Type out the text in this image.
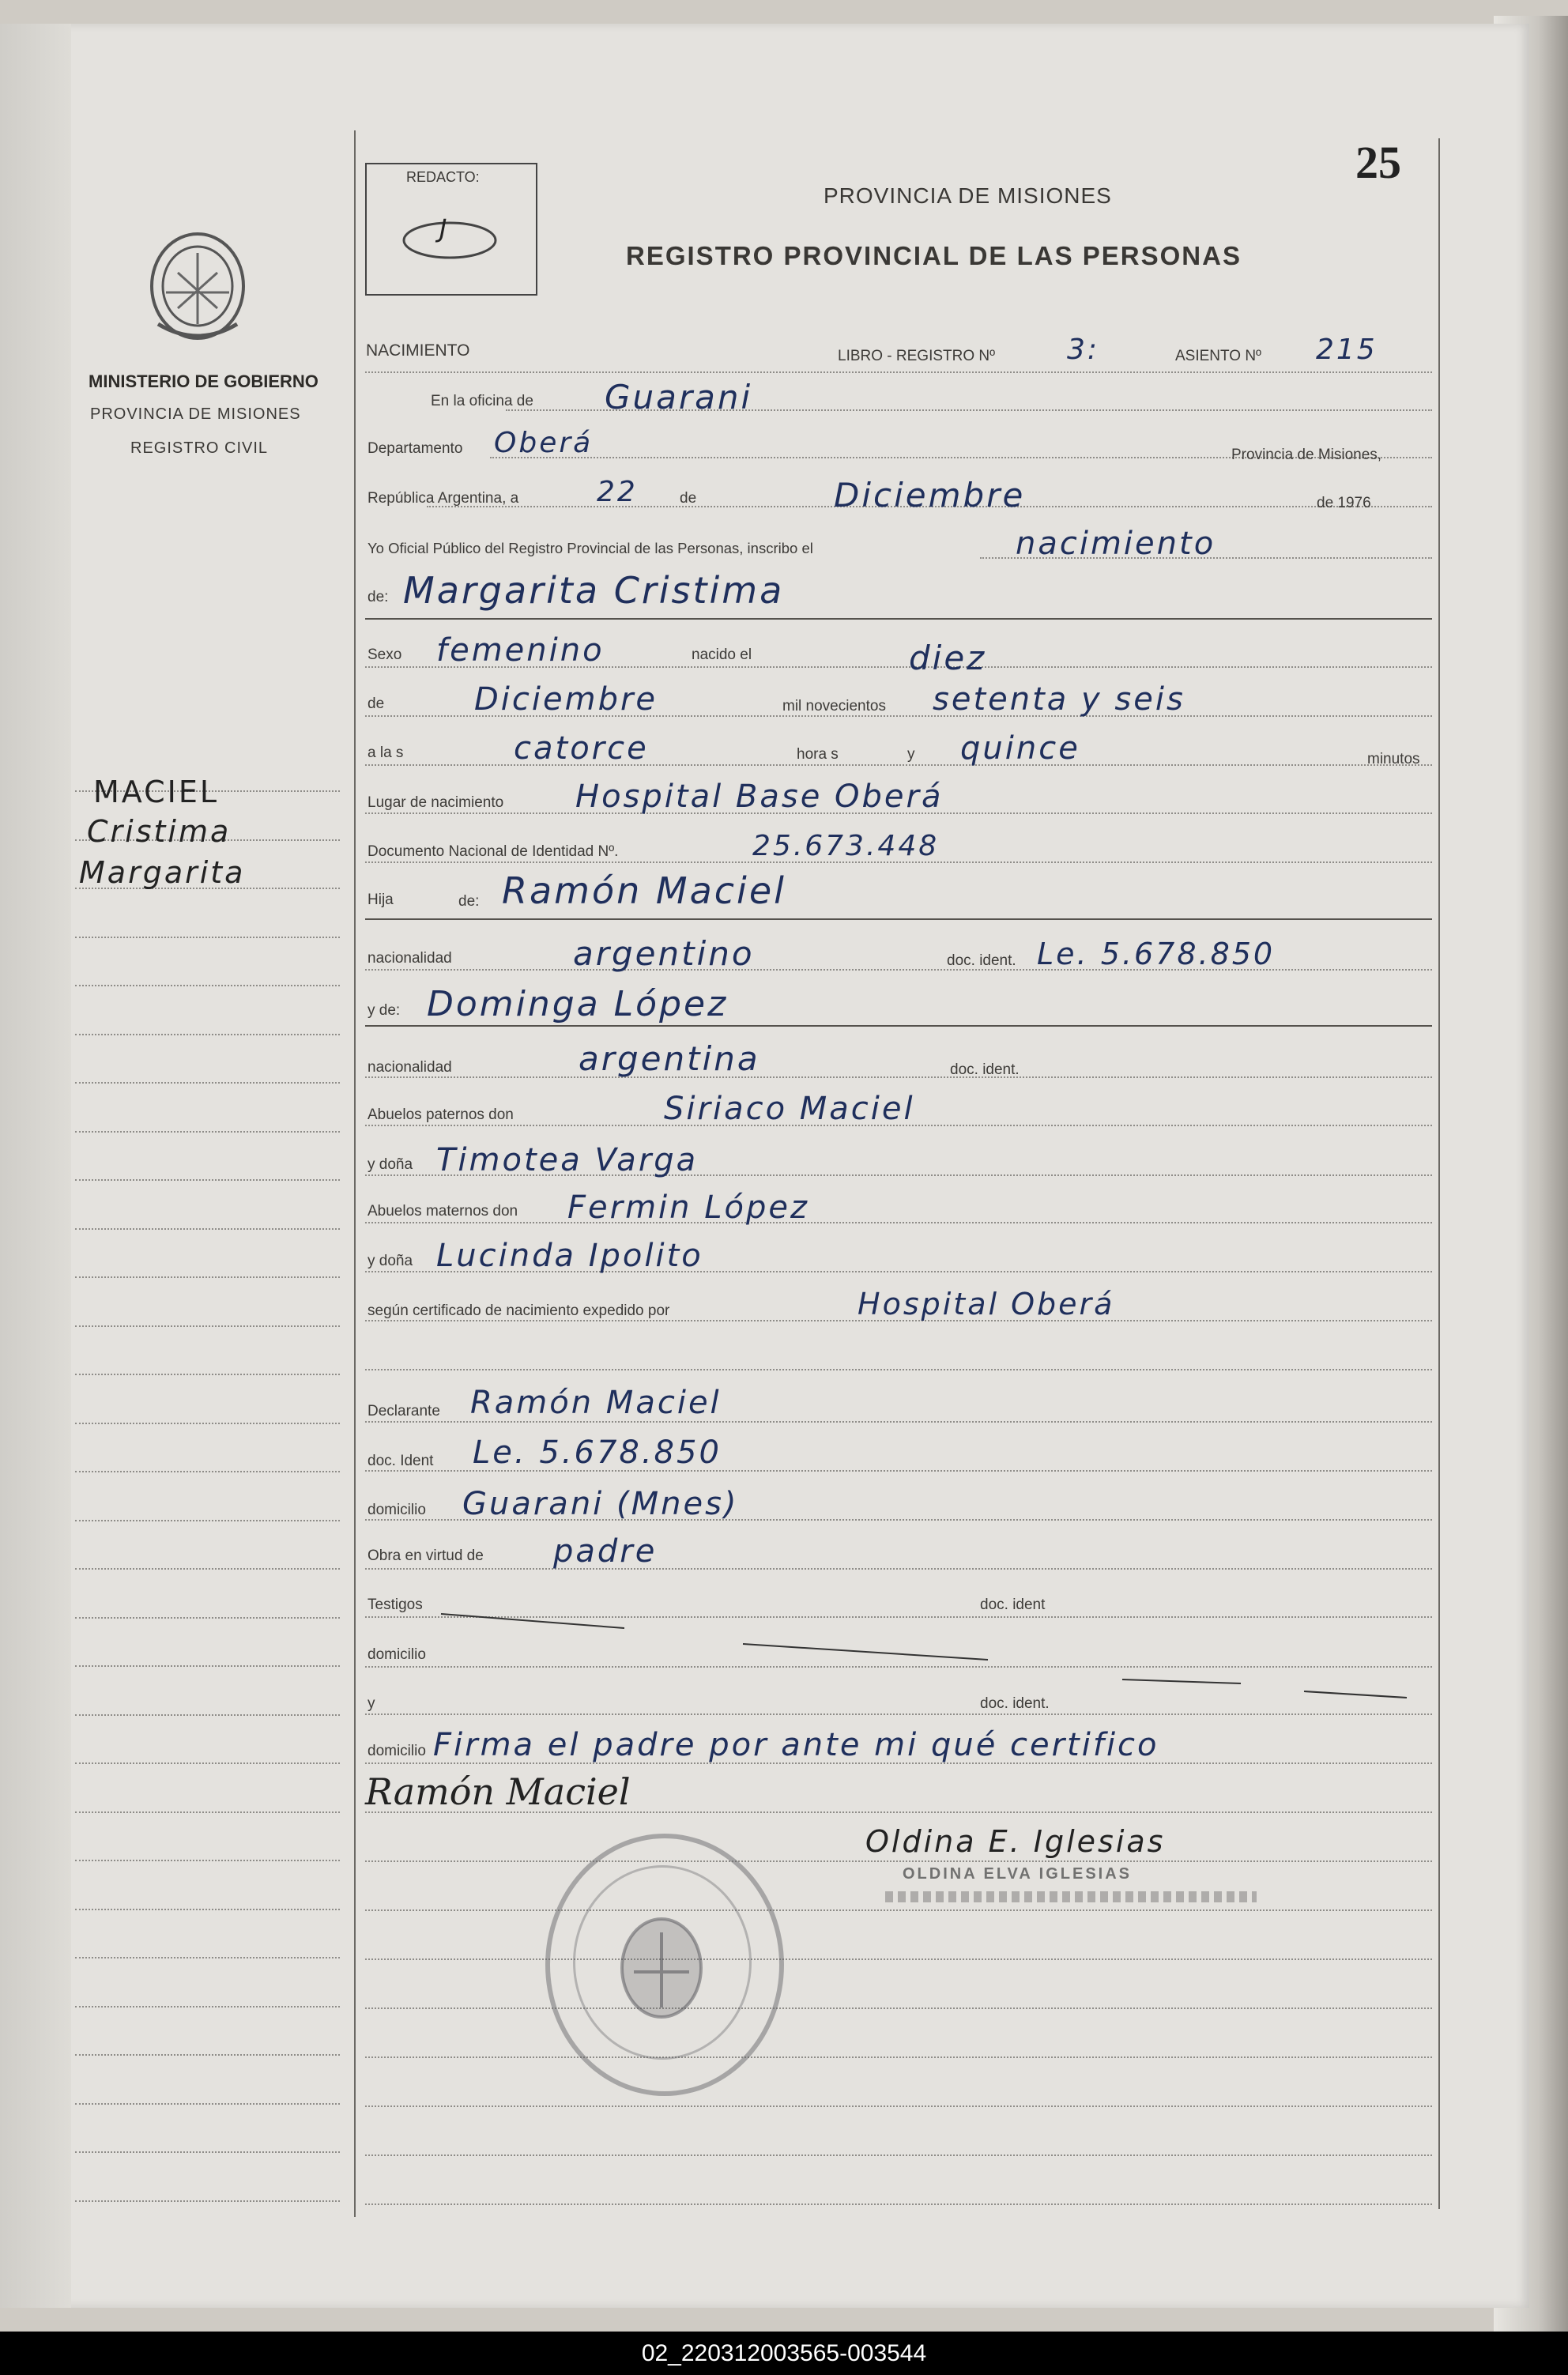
25
MINISTERIO DE GOBIERNO
PROVINCIA DE MISIONES
REGISTRO CIVIL
REDACTO:
J
PROVINCIA DE MISIONES
REGISTRO PROVINCIAL DE LAS PERSONAS
MACIEL
Cristima
Margarita
NACIMIENTO	LIBRO - REGISTRO Nº	3:	ASIENTO Nº 215
En la oficina de Guarani
Departamento Oberá	Provincia de Misiones,
República Argentina, a	22	de	Diciembre	de 1976
Yo Oficial Público del Registro Provincial de las Personas, inscribo el	nacimiento
de: Margarita Cristima
Sexo femenino	nacido el	diez
de	Diciembre	mil novecientos setenta y seis
a la s	catorce	hora s	y quince	minutos
Lugar de nacimiento Hospital Base Oberá
Documento Nacional de Identidad Nº.	25.673.448
Hija	de: Ramón Maciel
nacionalidad	argentino	doc. ident. Le. 5.678.850
y de: Dominga López
nacionalidad	argentina	doc. ident.
Abuelos paternos don	Siriaco Maciel
y doña Timotea Varga
Abuelos maternos don Fermin López
y doña Lucinda Ipolito
según certificado de nacimiento expedido por	Hospital Oberá
Declarante Ramón Maciel
doc. Ident Le. 5.678.850
domicilio Guarani (Mnes)
Obra en virtud de padre
Testigos	doc. ident
domicilio
y	doc. ident.
domicilio Firma el padre por ante mi qué certifico
Ramón Maciel
Oldina E. Iglesias
OLDINA ELVA IGLESIAS
02_220312003565-003544
